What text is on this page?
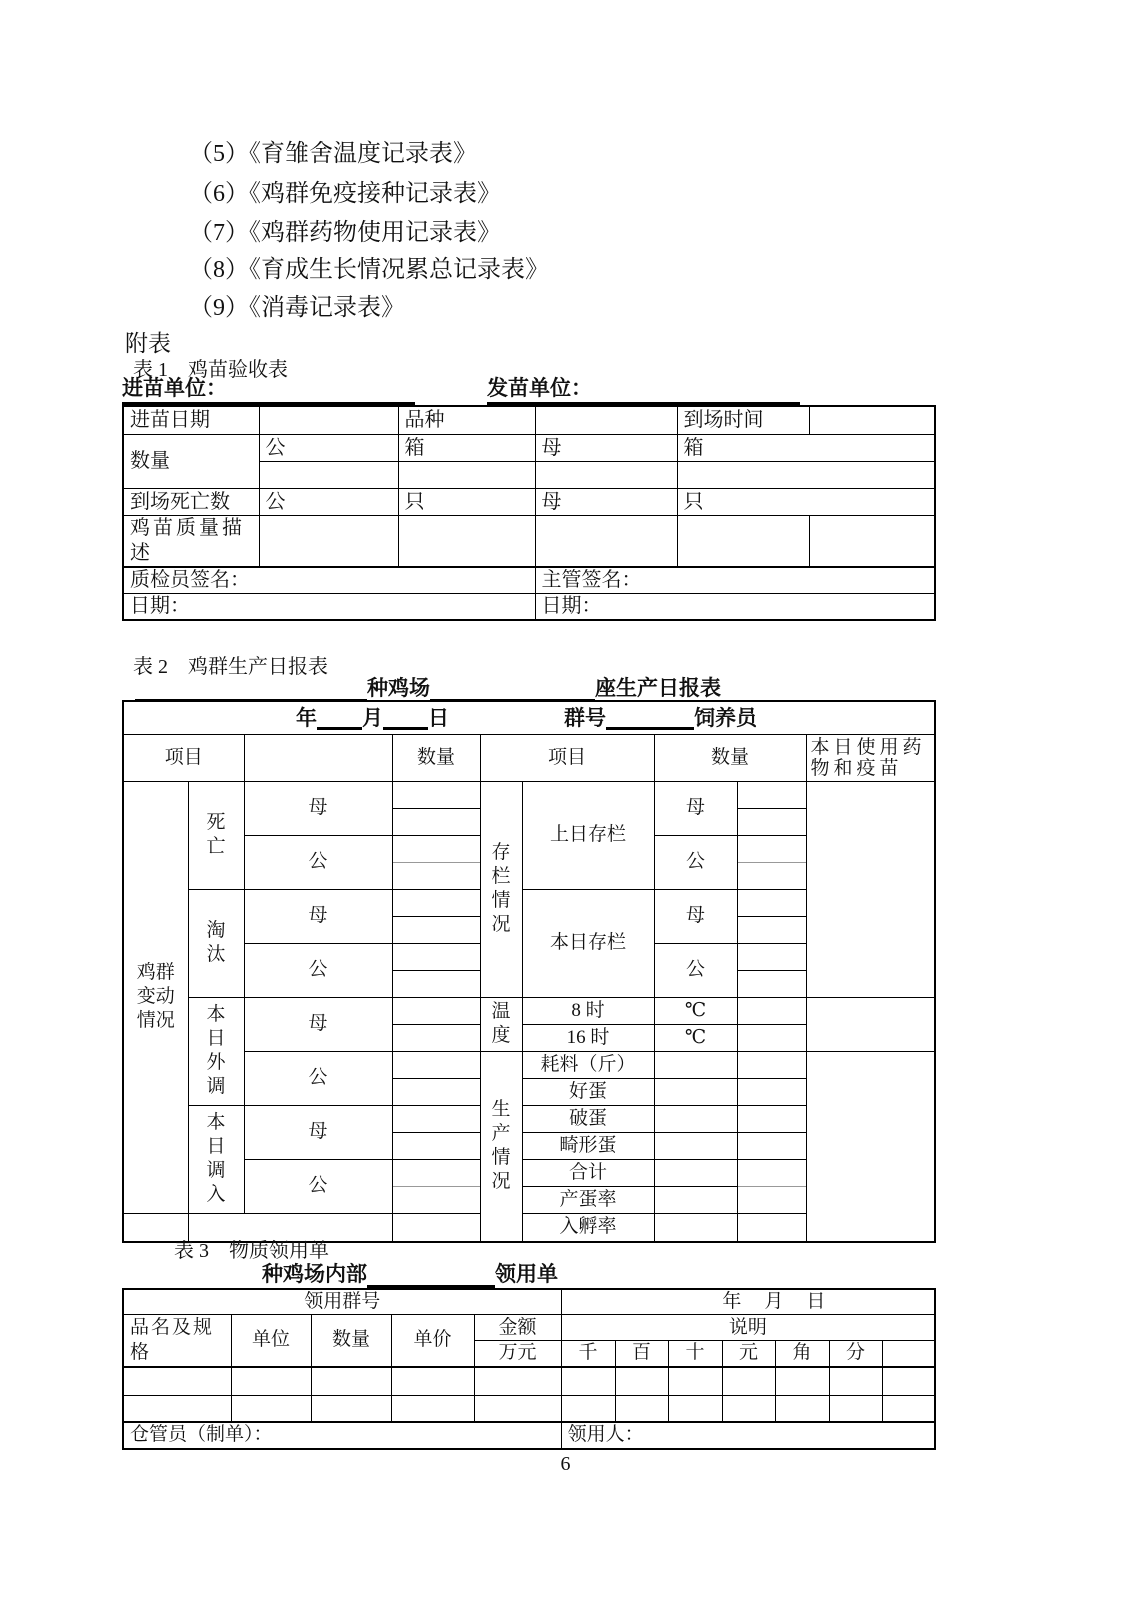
（5）《育雏舍温度记录表》
（6）《鸡群免疫接种记录表》
（7）《鸡群药物使用记录表》
（8）《育成生长情况累总记录表》
（9）《消毒记录表》
附表
表 1　鸡苗验收表
进苗单位：	发苗单位：
进苗日期		品种		到场时间	
数量	公	箱	母	箱	

到场死亡数	公	只	母	只	
鸡苗质量描述					
质检员签名：			主管签名：		
日期：			日期：		
表 2　鸡群生产日报表
种鸡场	座生产日报表
年 月 日 群号 饲养员								
项目			数量	项目		数量		本日使用药物和疫苗
鸡群变动情况	死亡	母		存栏情况	上日存栏	母		

		公				公		

	淘汰	母			本日存栏	母		

		公				公		

	本日外调	母		温度	8 时	℃		
					16 时	℃		
		公		生产情况	耗料（斤）			
					好蛋			
	本日调入	母			破蛋			
					畸形蛋			
		公			合计			
					产蛋率			
					入孵率			
表 3　物质领用单
种鸡场内部	领用单
领用群号					年　月　日						
品名及规格	单位	数量	单价	金额	说明						
				万元	千	百	十	元	角	分	

仓管员（制单）：					领用人：						
6
